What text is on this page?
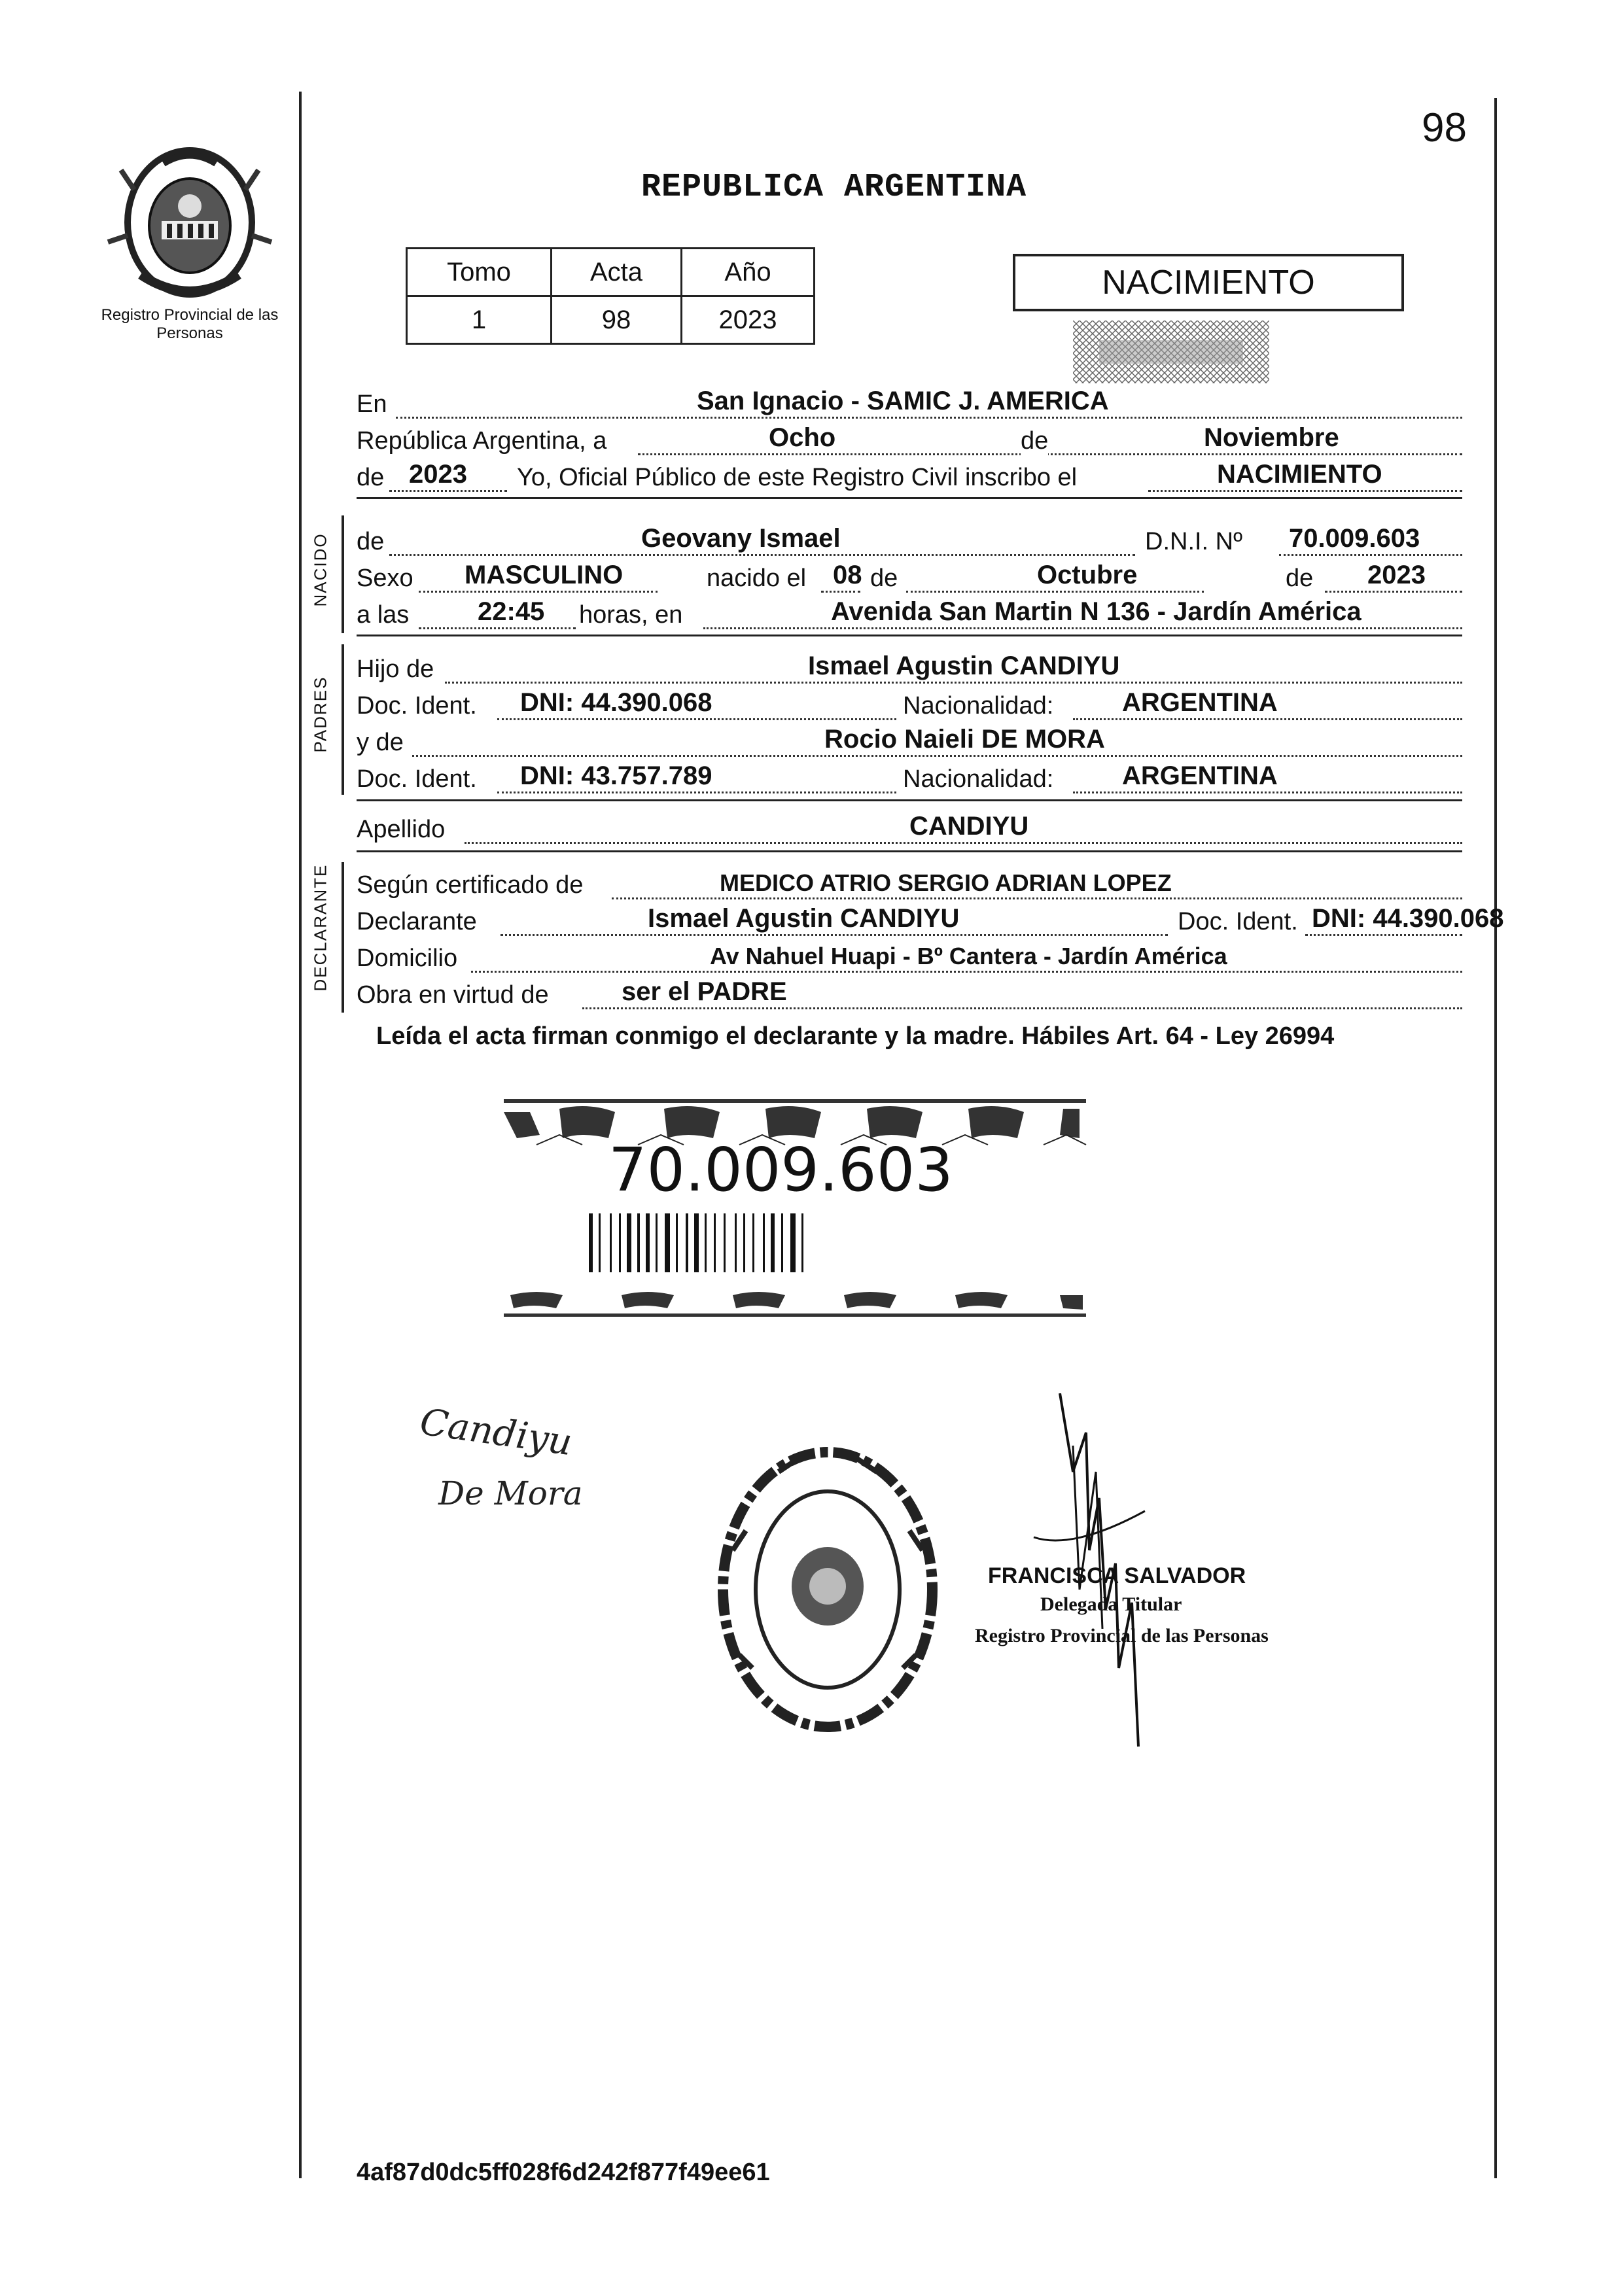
Registro Provincial de las Personas
98
REPUBLICA ARGENTINA
Tomo	Acta	Año
1	98	2023
NACIMIENTO
En	San Ignacio - SAMIC J. AMERICA
República Argentina, a	Ocho	de	Noviembre
de 2023 Yo, Oficial Público de este Registro Civil inscribo el	NACIMIENTO
NACIDO de	Geovany Ismael	D.N.I. Nº 70.009.603
Sexo MASCULINO	nacido el 08 de	Octubre	de 2023
a las	22:45 horas, en	Avenida San Martin N 136 - Jardín América
PADRES
Hijo de	Ismael Agustin CANDIYU
Doc. Ident. DNI: 44.390.068	Nacionalidad:	ARGENTINA
y de	Rocio Naieli DE MORA
Doc. Ident. DNI: 43.757.789	Nacionalidad:	ARGENTINA
Apellido	CANDIYU
DECLARANTE Según certificado de	MEDICO ATRIO SERGIO ADRIAN LOPEZ
Declarante	Ismael Agustin CANDIYU	Doc. Ident. DNI: 44.390.068
Domicilio	Av Nahuel Huapi - Bº Cantera - Jardín América
Obra en virtud de	ser el PADRE
Leída el acta firman conmigo el declarante y la madre. Hábiles Art. 64 - Ley 26994
70.009.603
Candiyu
De Mora
FRANCISCA SALVADOR
Delegada Titular
Registro Provincial de las Personas
4af87d0dc5ff028f6d242f877f49ee61
